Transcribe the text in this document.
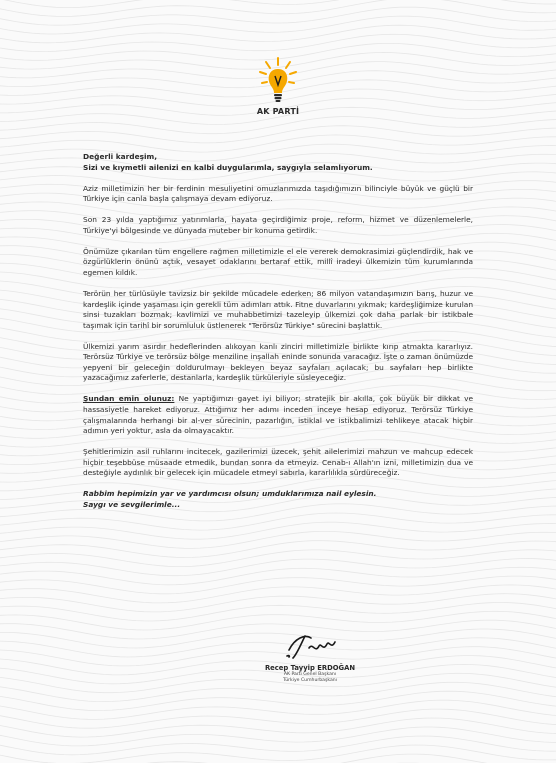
AK PARTİ

Değerli kardeşim,
Sizi ve kıymetli ailenizi en kalbî duygularımla, saygıyla selamlıyorum.

Aziz milletimizin her bir ferdinin mesuliyetini omuzlarımızda taşıdığımızın bilinciyle büyük ve güçlü bir Türkiye için canla başla çalışmaya devam ediyoruz.

Son 23 yılda yaptığımız yatırımlarla, hayata geçirdiğimiz proje, reform, hizmet ve düzenlemelerle, Türkiye'yi bölgesinde ve dünyada muteber bir konuma getirdik.

Önümüze çıkarılan tüm engellere rağmen milletimizle el ele vererek demokrasimizi güçlendirdik, hak ve özgürlüklerin önünü açtık, vesayet odaklarını bertaraf ettik, millî iradeyi ülkemizin tüm kurumlarında egemen kıldık.

Terörün her türlüsüyle tavizsiz bir şekilde mücadele ederken; 86 milyon vatandaşımızın barış, huzur ve kardeşlik içinde yaşaması için gerekli tüm adımları attık. Fitne duvarlarını yıkmak; kardeşliğimize kurulan sinsi tuzakları bozmak; kavlimizi ve muhabbetimizi tazeleyip ülkemizi çok daha parlak bir istikbale taşımak için tarihî bir sorumluluk üstlenerek "Terörsüz Türkiye" sürecini başlattık.

Ülkemizi yarım asırdır hedeflerinden alıkoyan kanlı zinciri milletimizle birlikte kırıp atmakta kararlıyız. Terörsüz Türkiye ve terörsüz bölge menziline inşallah eninde sonunda varacağız. İşte o zaman önümüzde yepyeni bir geleceğin doldurulmayı bekleyen beyaz sayfaları açılacak; bu sayfaları hep birlikte yazacağımız zaferlerle, destanlarla, kardeşlik türküleriyle süsleyeceğiz.

Şundan emin olunuz: Ne yaptığımızı gayet iyi biliyor; stratejik bir akılla, çok büyük bir dikkat ve hassasiyetle hareket ediyoruz. Attığımız her adımı inceden inceye hesap ediyoruz. Terörsüz Türkiye çalışmalarında herhangi bir al-ver sürecinin, pazarlığın, istiklal ve istikbalimizi tehlikeye atacak hiçbir adımın yeri yoktur, asla da olmayacaktır.

Şehitlerimizin asil ruhlarını incitecek, gazilerimizi üzecek, şehit ailelerimizi mahzun ve mahcup edecek hiçbir teşebbüse müsaade etmedik, bundan sonra da etmeyiz. Cenab-ı Allah'ın izni, milletimizin dua ve desteğiyle aydınlık bir gelecek için mücadele etmeyi sabırla, kararlılıkla sürdüreceğiz.

Rabbim hepimizin yar ve yardımcısı olsun; umduklarımıza nail eylesin.
Saygı ve sevgilerimle...

Recep Tayyip ERDOĞAN
AK Parti Genel Başkanı
Türkiye Cumhurbaşkanı
